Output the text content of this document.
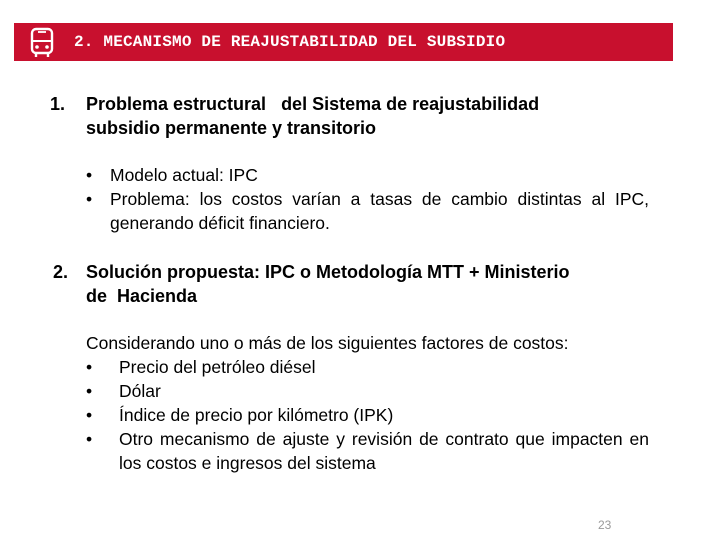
2. MECANISMO DE REAJUSTABILIDAD DEL SUBSIDIO
1. Problema estructural   del Sistema de reajustabilidad
subsidio permanente y transitorio
•	Modelo actual: IPC
•	Problema: los costos varían a tasas de cambio distintas al IPC, generando déficit financiero.
2. Solución propuesta: IPC o Metodología MTT + Ministerio
de  Hacienda
Considerando uno o más de los siguientes factores de costos:
•	Precio del petróleo diésel
•	Dólar
•	Índice de precio por kilómetro (IPK)
•	Otro mecanismo de ajuste y revisión de contrato que impacten en los costos e ingresos del sistema
23
